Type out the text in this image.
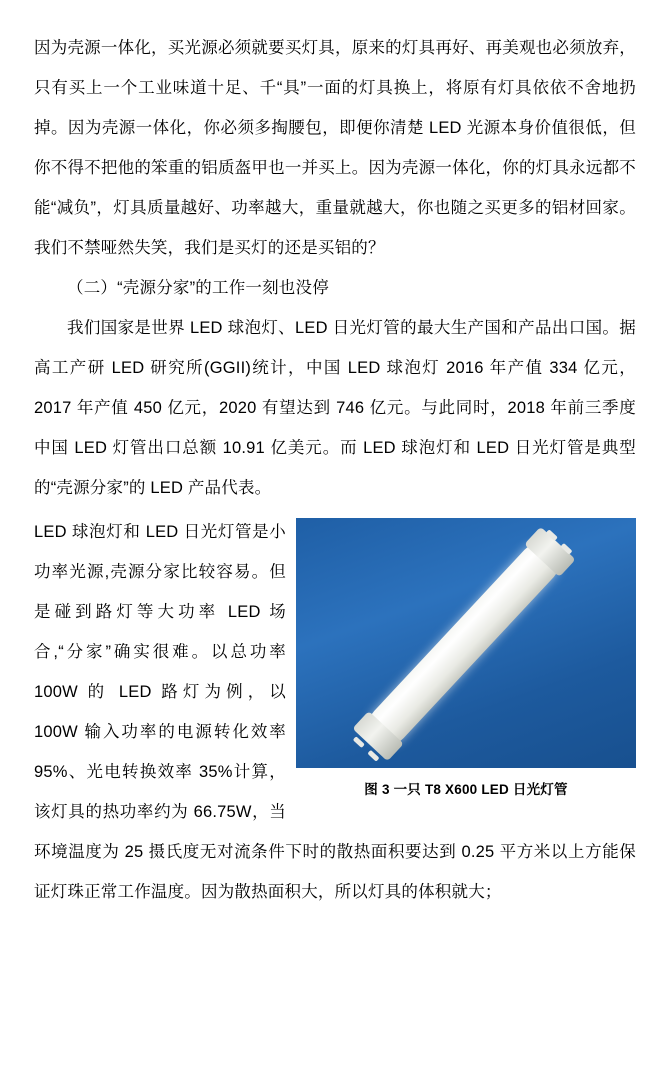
因为壳源一体化，买光源必须就要买灯具，原来的灯具再好、再美观也必须放弃，只有买上一个工业味道十足、千“具”一面的灯具换上，将原有灯具依依不舍地扔掉。因为壳源一体化，你必须多掏腰包，即便你清楚 LED 光源本身价值很低，但你不得不把他的笨重的铝质盔甲也一并买上。因为壳源一体化，你的灯具永远都不能“减负”，灯具质量越好、功率越大，重量就越大，你也随之买更多的铝材回家。我们不禁哑然失笑，我们是买灯的还是买铝的？

（二）“壳源分家”的工作一刻也没停

我们国家是世界 LED 球泡灯、LED 日光灯管的最大生产国和产品出口国。据高工产研 LED 研究所(GGII)统计，中国 LED 球泡灯 2016 年产值 334 亿元，2017 年产值 450 亿元，2020 有望达到 746 亿元。与此同时，2018 年前三季度中国 LED 灯管出口总额 10.91 亿美元。而 LED 球泡灯和 LED 日光灯管是典型的“壳源分家”的 LED 产品代表。

图 3 一只 T8 X600 LED 日光灯管
LED 球泡灯和 LED 日光灯管是小功率光源,壳源分家比较容易。但是碰到路灯等大功率 LED 场合,“分家”确实很难。以总功率 100W 的 LED 路灯为例，以 100W 输入功率的电源转化效率 95%、光电转换效率 35%计算，该灯具的热功率约为 66.75W，当环境温度为 25 摄氏度无对流条件下时的散热面积要达到 0.25 平方米以上方能保证灯珠正常工作温度。因为散热面积大，所以灯具的体积就大；
